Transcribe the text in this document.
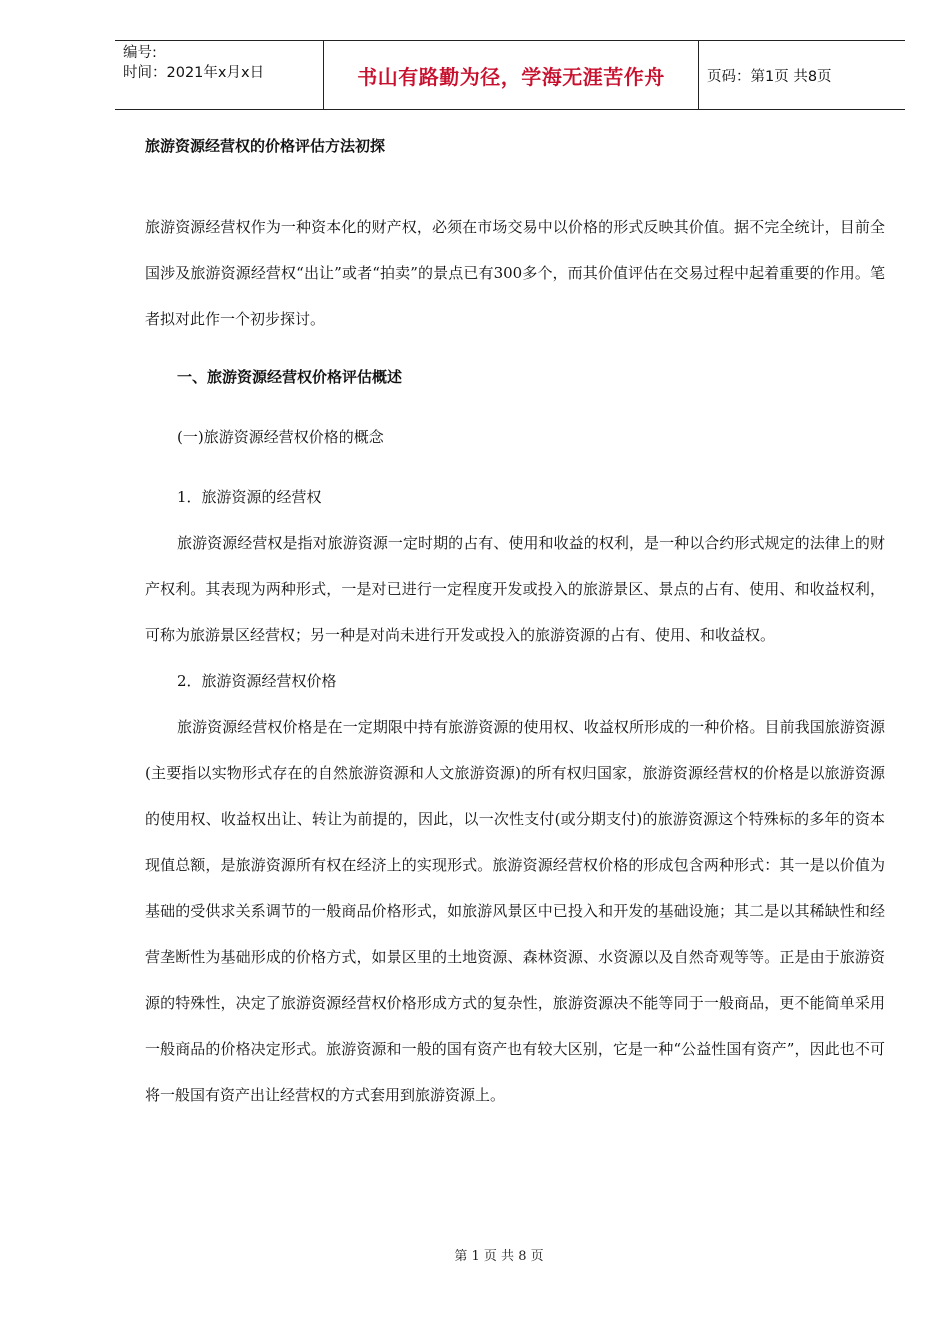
编号:
时间：2021年x月x日	书山有路勤为径，学海无涯苦作舟	页码：第1页 共8页

旅游资源经营权的价格评估方法初探

旅游资源经营权作为一种资本化的财产权，必须在市场交易中以价格的形式反映其价值。据不完全统计，目前全国涉及旅游资源经营权“出让”或者“拍卖”的景点已有300多个，而其价值评估在交易过程中起着重要的作用。笔者拟对此作一个初步探讨。

一、旅游资源经营权价格评估概述

(一)旅游资源经营权价格的概念

1．旅游资源的经营权

旅游资源经营权是指对旅游资源一定时期的占有、使用和收益的权利，是一种以合约形式规定的法律上的财产权利。其表现为两种形式，一是对已进行一定程度开发或投入的旅游景区、景点的占有、使用、和收益权利，可称为旅游景区经营权；另一种是对尚未进行开发或投入的旅游资源的占有、使用、和收益权。

2．旅游资源经营权价格

旅游资源经营权价格是在一定期限中持有旅游资源的使用权、收益权所形成的一种价格。目前我国旅游资源(主要指以实物形式存在的自然旅游资源和人文旅游资源)的所有权归国家，旅游资源经营权的价格是以旅游资源的使用权、收益权出让、转让为前提的，因此，以一次性支付(或分期支付)的旅游资源这个特殊标的多年的资本现值总额，是旅游资源所有权在经济上的实现形式。旅游资源经营权价格的形成包含两种形式：其一是以价值为基础的受供求关系调节的一般商品价格形式，如旅游风景区中已投入和开发的基础设施；其二是以其稀缺性和经营垄断性为基础形成的价格方式，如景区里的土地资源、森林资源、水资源以及自然奇观等等。正是由于旅游资源的特殊性，决定了旅游资源经营权价格形成方式的复杂性，旅游资源决不能等同于一般商品，更不能简单采用一般商品的价格决定形式。旅游资源和一般的国有资产也有较大区别，它是一种“公益性国有资产”，因此也不可将一般国有资产出让经营权的方式套用到旅游资源上。

第 1 页 共 8 页
